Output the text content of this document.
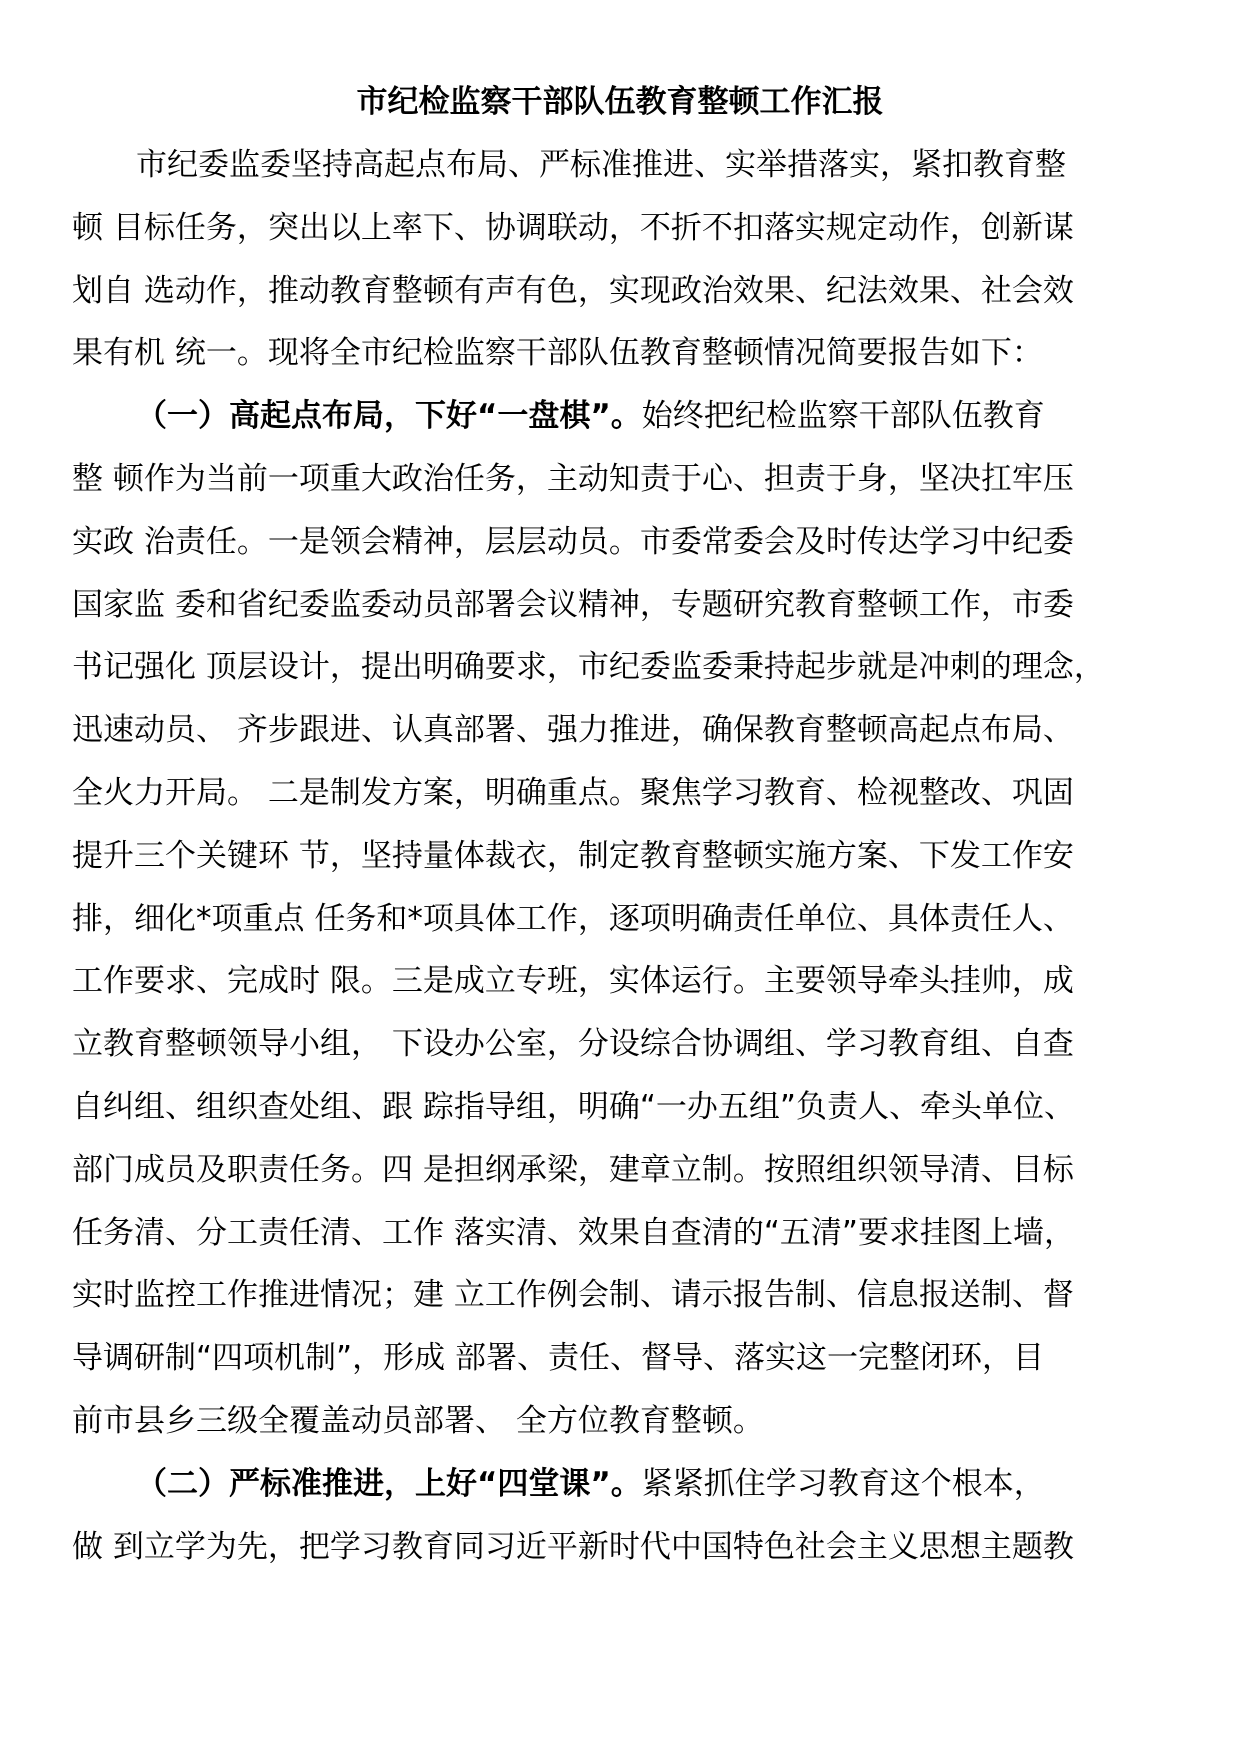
市纪检监察干部队伍教育整顿工作汇报
市纪委监委坚持高起点布局、严标准推进、实举措落实，紧扣教育整
顿 目标任务，突出以上率下、协调联动，不折不扣落实规定动作，创新谋
划自 选动作，推动教育整顿有声有色，实现政治效果、纪法效果、社会效
果有机 统一。现将全市纪检监察干部队伍教育整顿情况简要报告如下：
（一）高起点布局，下好“一盘棋”。始终把纪检监察干部队伍教育
整 顿作为当前一项重大政治任务，主动知责于心、担责于身，坚决扛牢压
实政 治责任。一是领会精神，层层动员。市委常委会及时传达学习中纪委
国家监 委和省纪委监委动员部署会议精神，专题研究教育整顿工作，市委
书记强化 顶层设计，提出明确要求，市纪委监委秉持起步就是冲刺的理念，
迅速动员、 齐步跟进、认真部署、强力推进，确保教育整顿高起点布局、
全火力开局。 二是制发方案，明确重点。聚焦学习教育、检视整改、巩固
提升三个关键环 节，坚持量体裁衣，制定教育整顿实施方案、下发工作安
排，细化*项重点 任务和*项具体工作，逐项明确责任单位、具体责任人、
工作要求、完成时 限。三是成立专班，实体运行。主要领导牵头挂帅，成
立教育整顿领导小组， 下设办公室，分设综合协调组、学习教育组、自查
自纠组、组织查处组、跟 踪指导组，明确“一办五组”负责人、牵头单位、
部门成员及职责任务。四 是担纲承梁，建章立制。按照组织领导清、目标
任务清、分工责任清、工作 落实清、效果自查清的“五清”要求挂图上墙，
实时监控工作推进情况；建 立工作例会制、请示报告制、信息报送制、督
导调研制“四项机制”，形成 部署、责任、督导、落实这一完整闭环，目
前市县乡三级全覆盖动员部署、 全方位教育整顿。
（二）严标准推进，上好“四堂课”。紧紧抓住学习教育这个根本，
做 到立学为先，把学习教育同习近平新时代中国特色社会主义思想主题教
